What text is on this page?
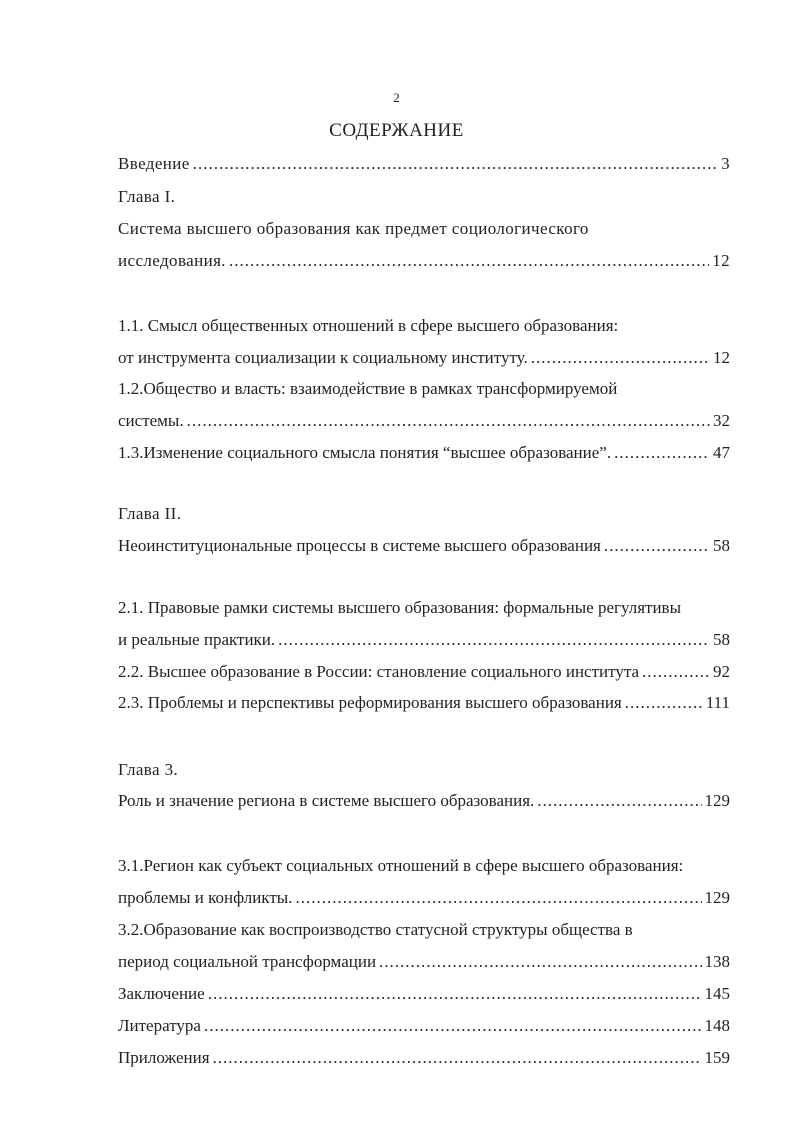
2
СОДЕРЖАНИЕ
Введение .....	3
Глава I.
Система высшего образования как предмет социологического
исследования. .....	12
1.1. Смысл общественных отношений в сфере высшего образования:
от инструмента социализации к социальному институту. .....	12
1.2.Общество и власть: взаимодействие в рамках трансформируемой
системы. .....	32
1.3.Изменение социального смысла понятия “высшее образование”. .....	47
Глава II.
Неоинституциональные процессы в системе высшего образования .....	58
2.1. Правовые рамки системы высшего образования: формальные регулятивы
и реальные практики. .....	58
2.2. Высшее образование в России: становление социального института .....	92
2.3. Проблемы и перспективы реформирования высшего образования .....	111
Глава 3.
Роль и значение региона в системе высшего образования. .....	129
3.1.Регион как субъект социальных отношений в сфере высшего образования:
проблемы и конфликты. .....	129
3.2.Образование как воспроизводство статусной структуры общества в
период социальной трансформации .....	138
Заключение .....	145
Литература .....	148
Приложения .....	159
